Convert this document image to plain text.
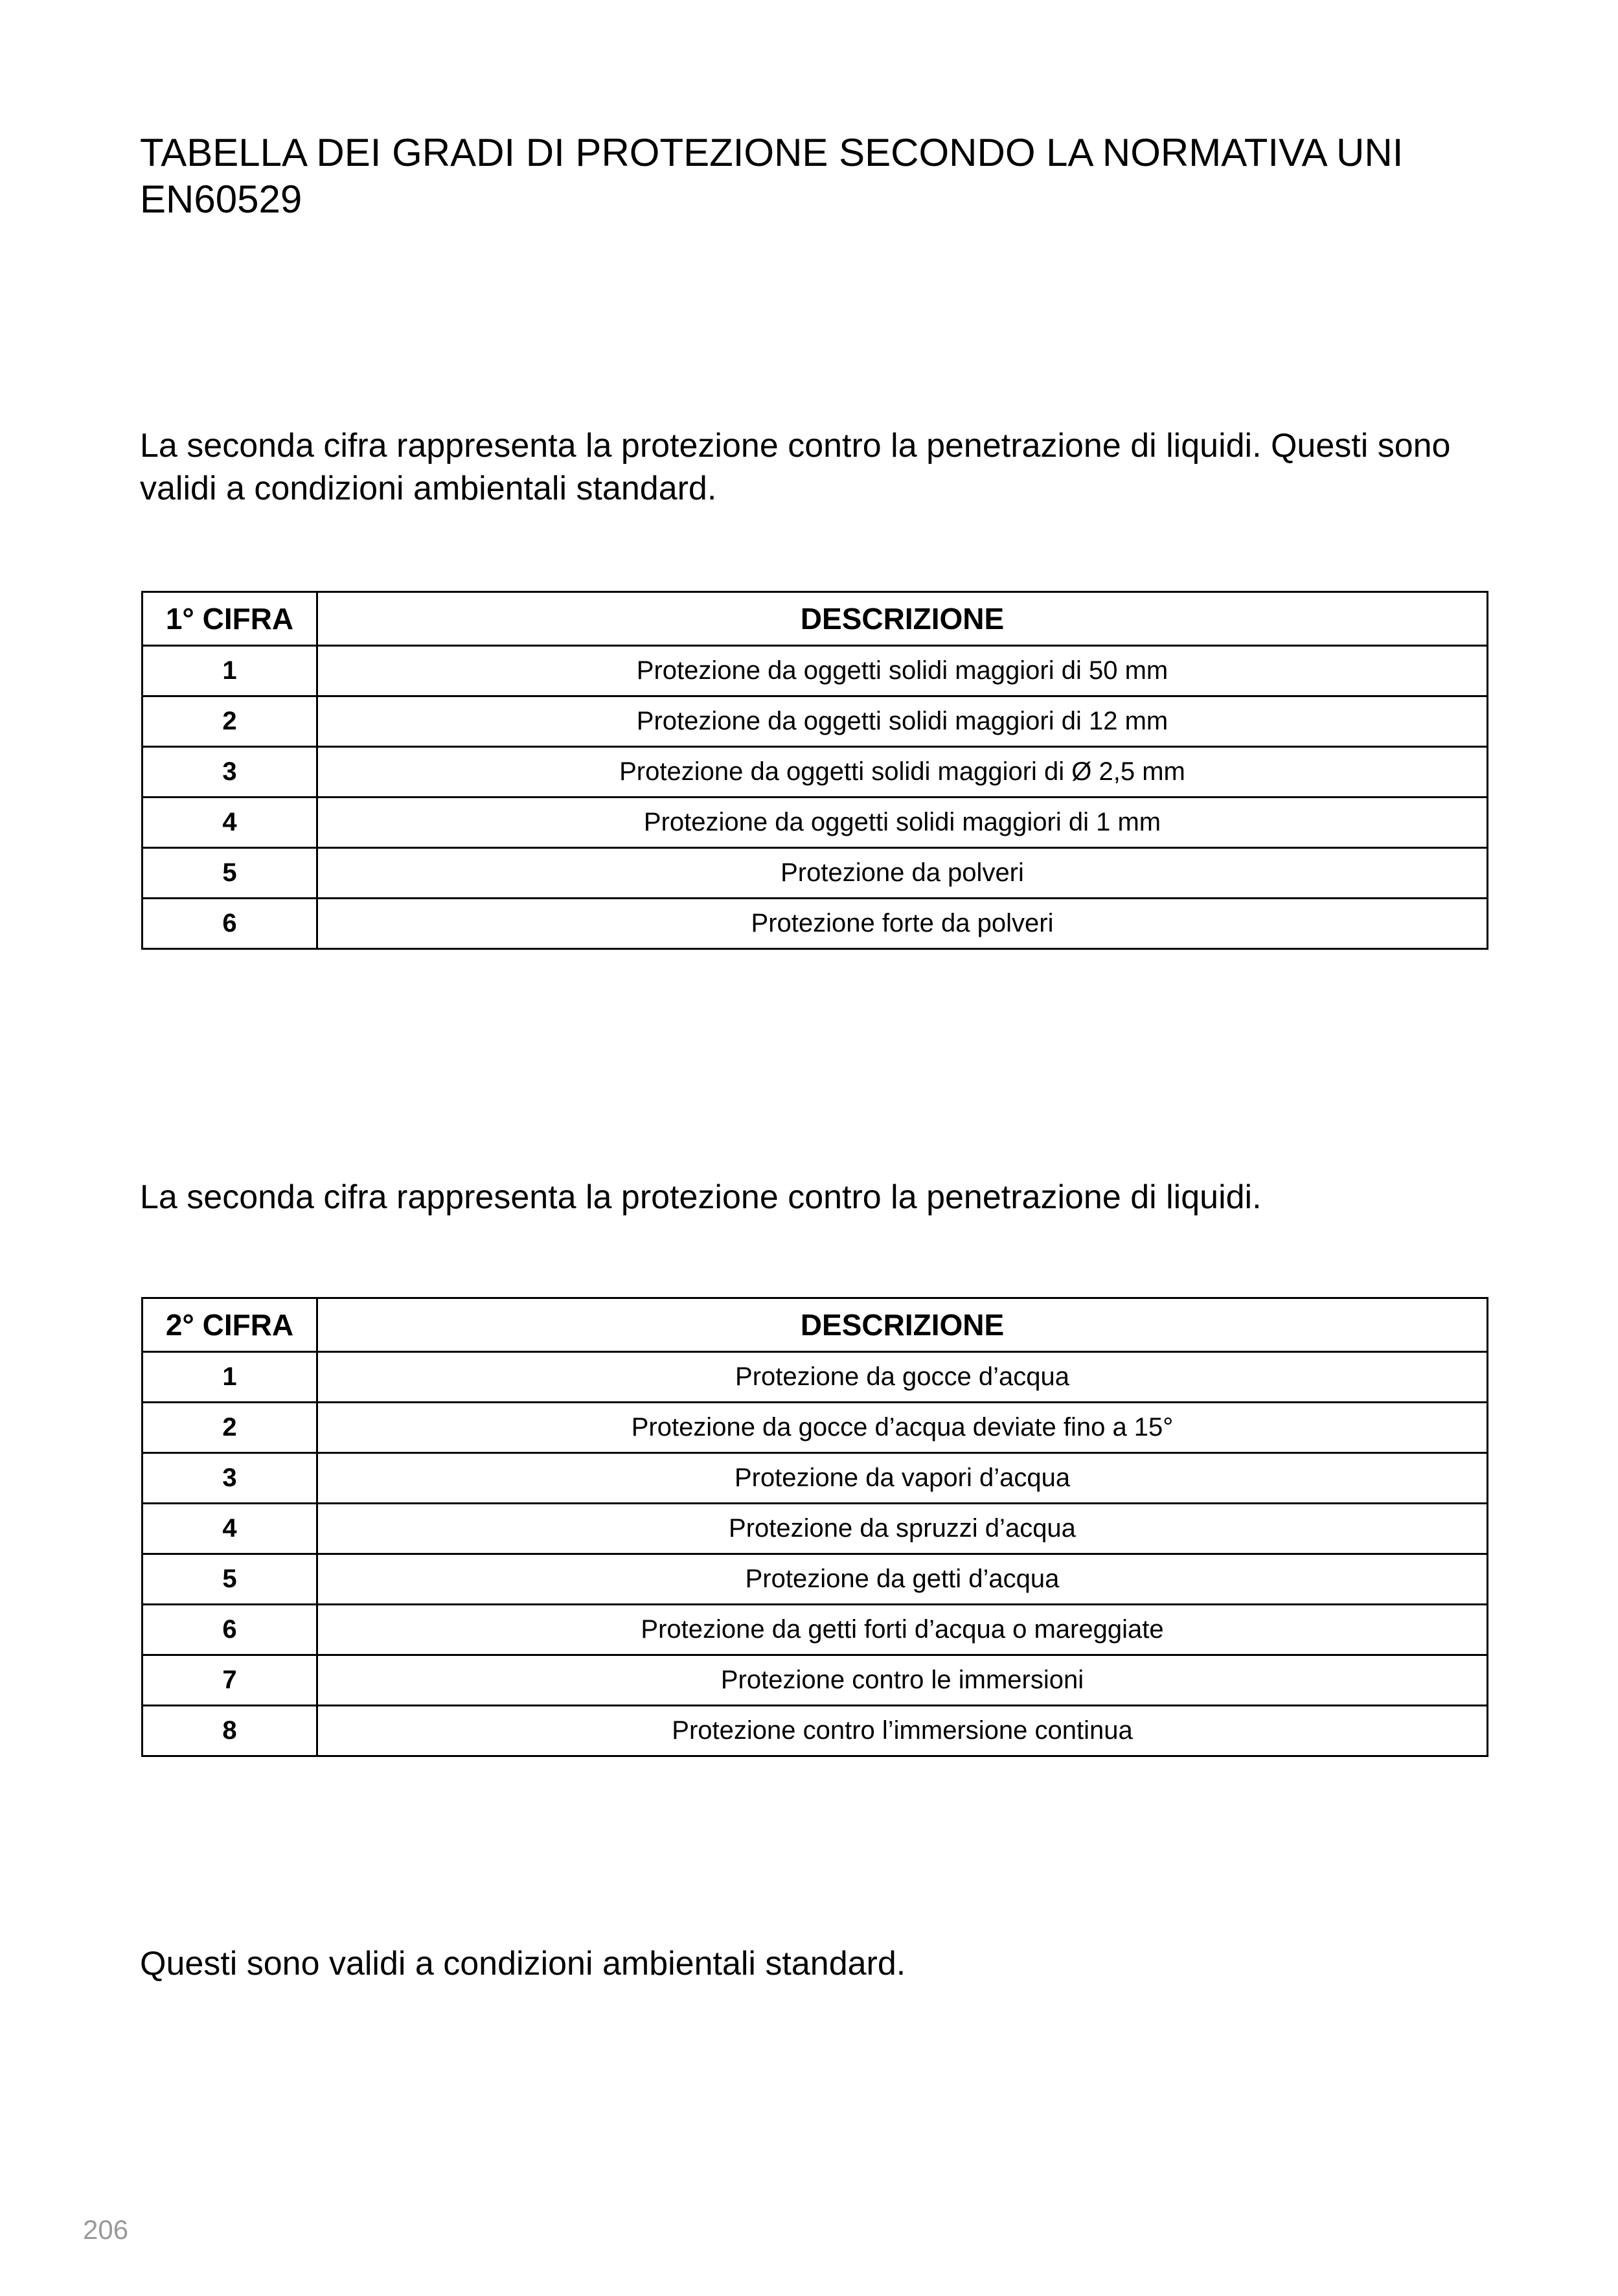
TABELLA DEI GRADI DI PROTEZIONE SECONDO LA NORMATIVA UNI EN60529

La seconda cifra rappresenta la protezione contro la penetrazione di liquidi. Questi sono validi a condizioni ambientali standard.

1° CIFRA	DESCRIZIONE
1	Protezione da oggetti solidi maggiori di 50 mm
2	Protezione da oggetti solidi maggiori di 12 mm
3	Protezione da oggetti solidi maggiori di Ø 2,5 mm
4	Protezione da oggetti solidi maggiori di 1 mm
5	Protezione da polveri
6	Protezione forte da polveri

La seconda cifra rappresenta la protezione contro la penetrazione di liquidi.

2° CIFRA	DESCRIZIONE
1	Protezione da gocce d’acqua
2	Protezione da gocce d’acqua deviate fino a 15°
3	Protezione da vapori d’acqua
4	Protezione da spruzzi d’acqua
5	Protezione da getti d’acqua
6	Protezione da getti forti d’acqua o mareggiate
7	Protezione contro le immersioni
8	Protezione contro l’immersione continua

Questi sono validi a condizioni ambientali standard.

206
